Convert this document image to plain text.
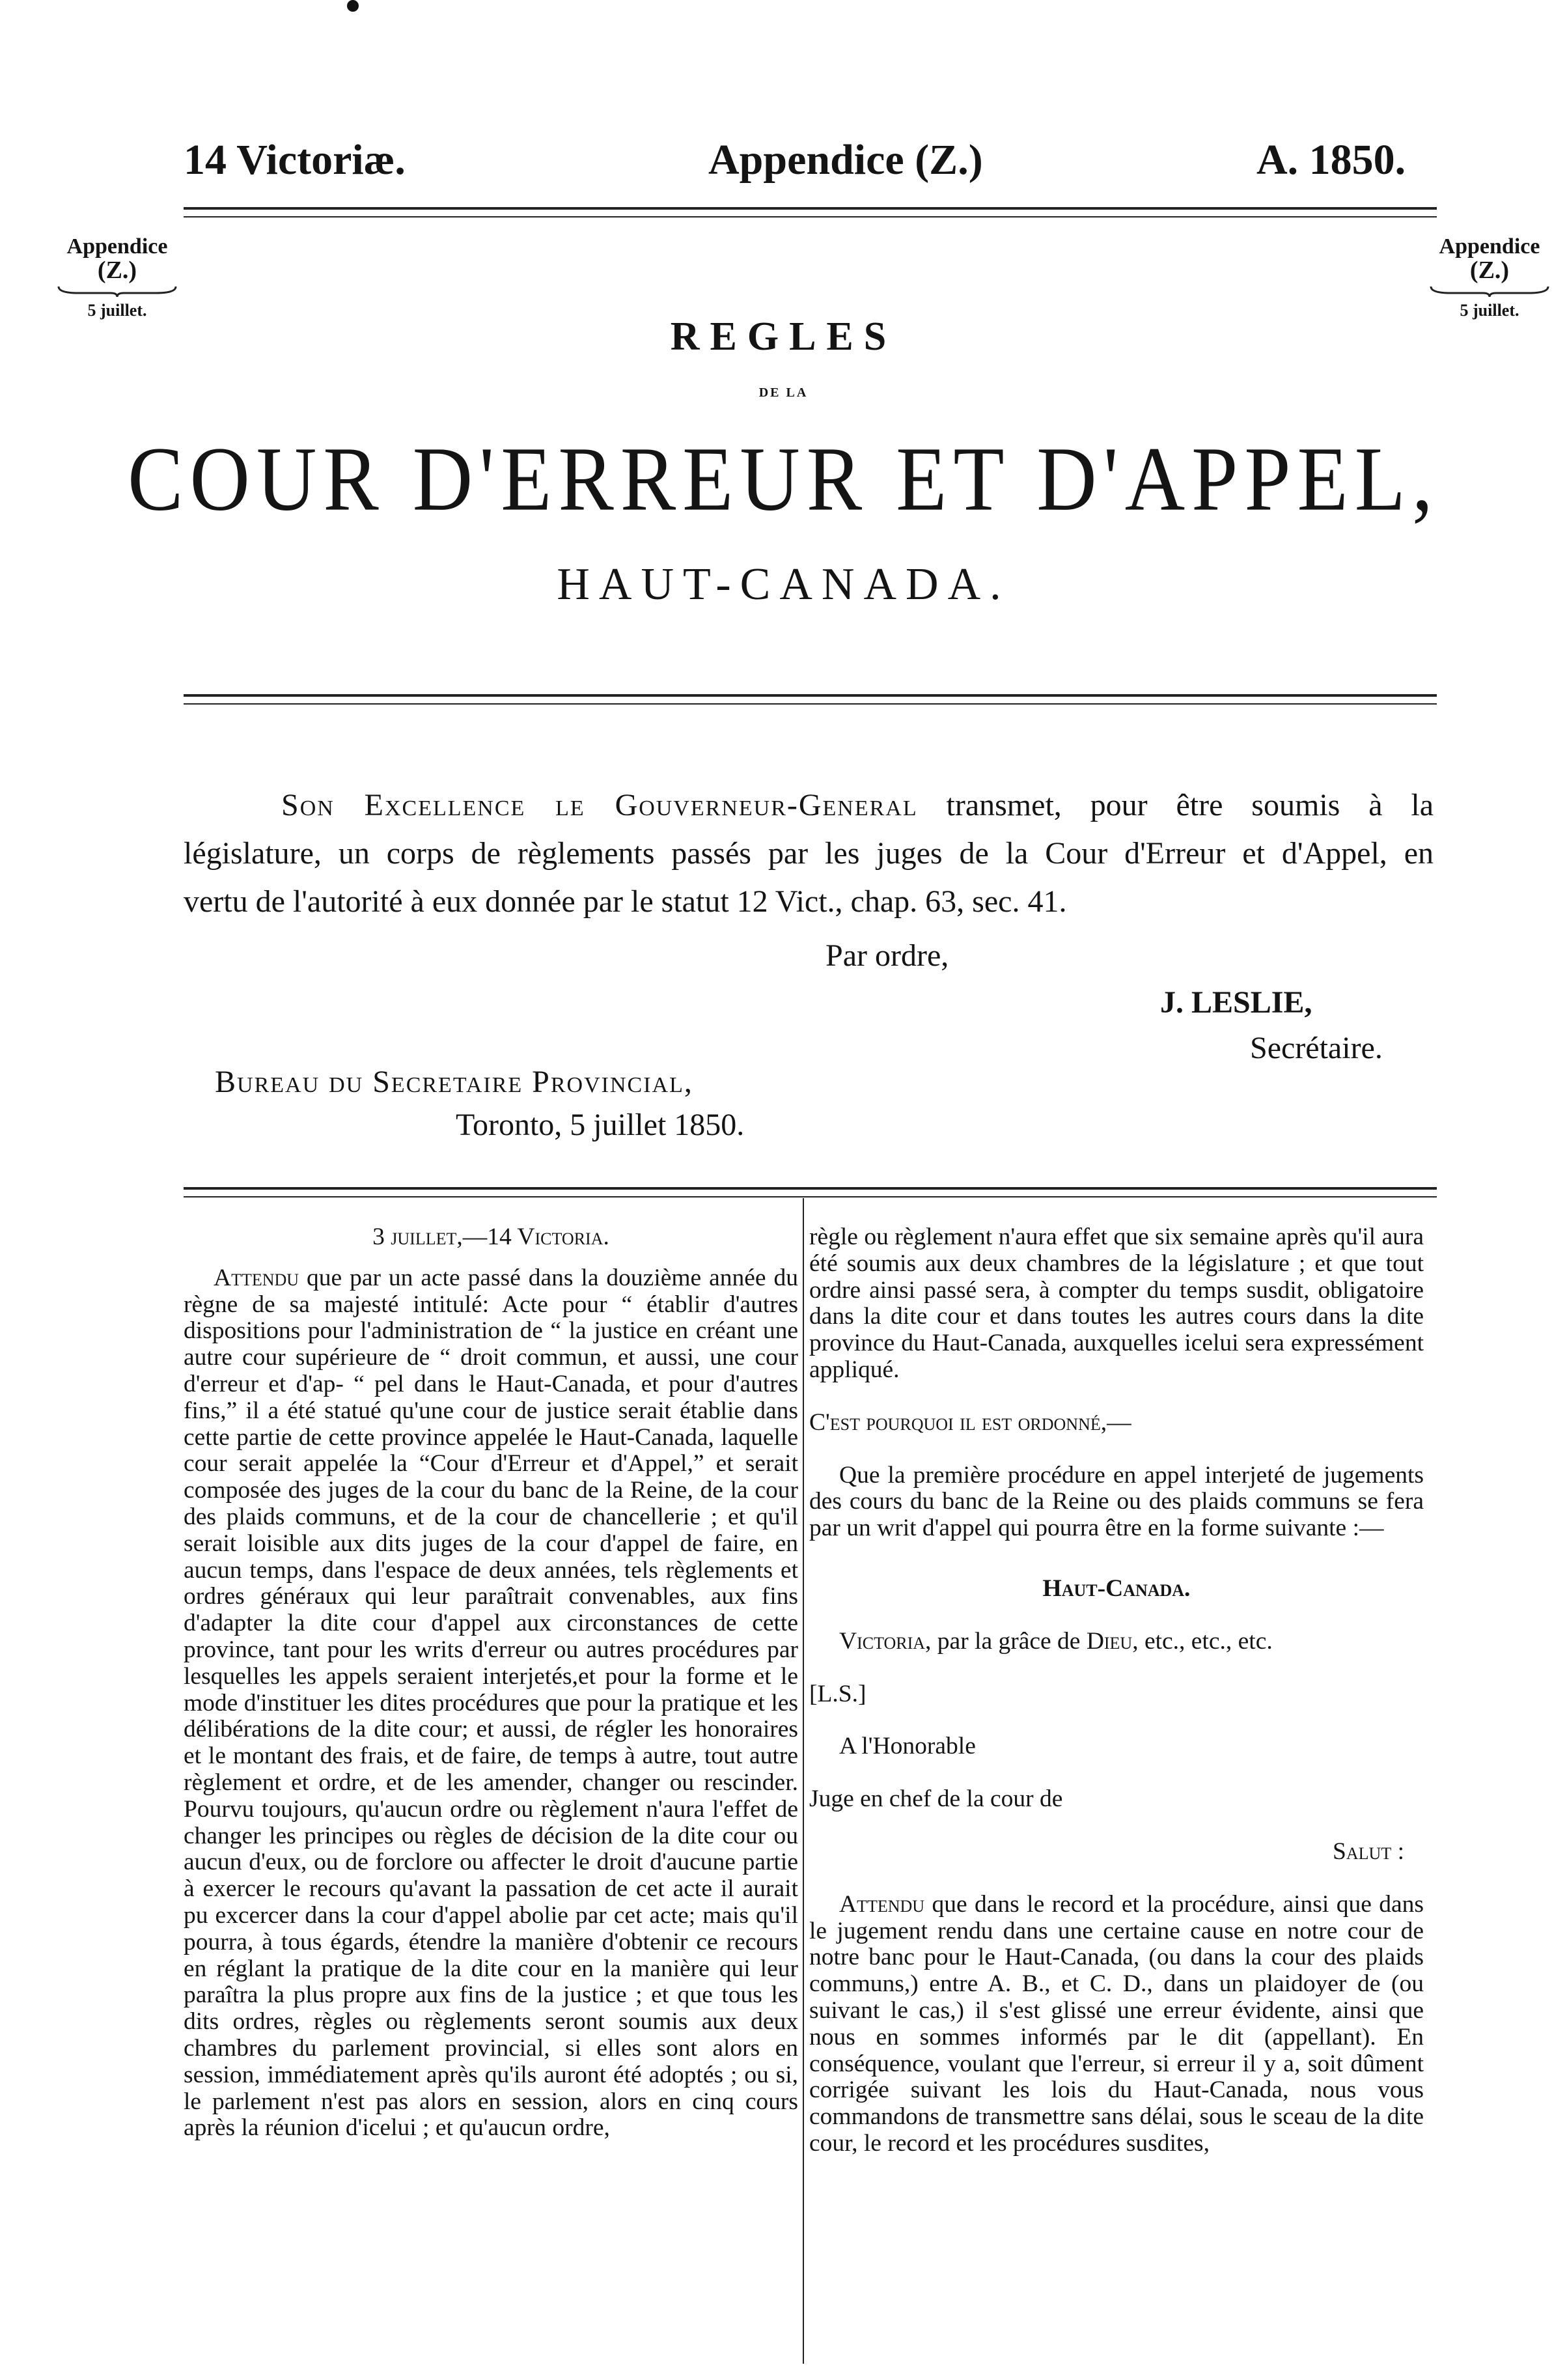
14 Victoriæ.	Appendice (Z.)	A. 1850.
Appendice
(Z.)
5 juillet.
Appendice
(Z.)
5 juillet.
REGLES
DE LA
COUR D'ERREUR ET D'APPEL,
HAUT-CANADA.
Son Excellence le Gouverneur-General transmet, pour être soumis à la
législature, un corps de règlements passés par les juges de la Cour d'Erreur et d'Appel, en
vertu de l'autorité à eux donnée par le statut 12 Vict., chap. 63, sec. 41.
Par ordre,
J. LESLIE,
Secrétaire.
Bureau du Secretaire Provincial,
Toronto, 5 juillet 1850.

3 juillet,—14 Victoria.

Attendu que par un acte passé dans la douzième année du règne de sa majesté intitulé: Acte pour “ établir d'autres dispositions pour l'administration de “ la justice en créant une autre cour supérieure de “ droit commun, et aussi, une cour d'erreur et d'ap- “ pel dans le Haut-Canada, et pour d'autres fins,” il a été statué qu'une cour de justice serait établie dans cette partie de cette province appelée le Haut-Canada, laquelle cour serait appelée la “Cour d'Erreur et d'Appel,” et serait composée des juges de la cour du banc de la Reine, de la cour des plaids communs, et de la cour de chancellerie ; et qu'il serait loisible aux dits juges de la cour d'appel de faire, en aucun temps, dans l'espace de deux années, tels règlements et ordres généraux qui leur paraîtrait convenables, aux fins d'adapter la dite cour d'appel aux circonstances de cette province, tant pour les writs d'erreur ou autres procédures par lesquelles les appels seraient interjetés,et pour la forme et le mode d'instituer les dites procédures que pour la pratique et les délibérations de la dite cour; et aussi, de régler les honoraires et le montant des frais, et de faire, de temps à autre, tout autre règlement et ordre, et de les amender, changer ou rescinder. Pourvu toujours, qu'aucun ordre ou règlement n'aura l'effet de changer les principes ou règles de décision de la dite cour ou aucun d'eux, ou de forclore ou affecter le droit d'aucune partie à exercer le recours qu'avant la passation de cet acte il aurait pu excercer dans la cour d'appel abolie par cet acte; mais qu'il pourra, à tous égards, étendre la manière d'obtenir ce recours en réglant la pratique de la dite cour en la manière qui leur paraîtra la plus propre aux fins de la justice ; et que tous les dits ordres, règles ou règlements seront soumis aux deux chambres du parlement provincial, si elles sont alors en session, immédiatement après qu'ils auront été adoptés ; ou si, le parlement n'est pas alors en session, alors en cinq cours après la réunion d'icelui ; et qu'aucun ordre,

règle ou règlement n'aura effet que six semaine après qu'il aura été soumis aux deux chambres de la législature ; et que tout ordre ainsi passé sera, à compter du temps susdit, obligatoire dans la dite cour et dans toutes les autres cours dans la dite province du Haut-Canada, auxquelles icelui sera expressément appliqué.

C'est pourquoi il est ordonné,—

Que la première procédure en appel interjeté de jugements des cours du banc de la Reine ou des plaids communs se fera par un writ d'appel qui pourra être en la forme suivante :—

Haut-Canada.

Victoria, par la grâce de Dieu, etc., etc., etc.

[L.S.]

A l'Honorable

Juge en chef de la cour de

Salut :

Attendu que dans le record et la procédure, ainsi que dans le jugement rendu dans une certaine cause en notre cour de notre banc pour le Haut-Canada, (ou dans la cour des plaids communs,) entre A. B., et C. D., dans un plaidoyer de (ou suivant le cas,) il s'est glissé une erreur évidente, ainsi que nous en sommes informés par le dit (appellant). En conséquence, voulant que l'erreur, si erreur il y a, soit dûment corrigée suivant les lois du Haut-Canada, nous vous commandons de transmettre sans délai, sous le sceau de la dite cour, le record et les procédures susdites,
